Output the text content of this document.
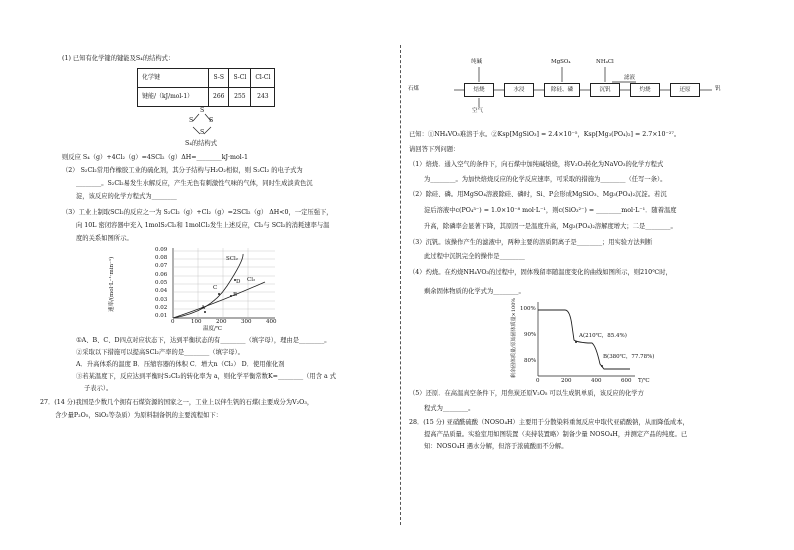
(1) 已知有化学键的键能及S₄的结构式：
化学键	S-S	S-Cl	Cl-Cl
键能/（kJ/mol-1）	266	255	243
S
S S
S
S₄的结构式
则反应 S₄（g）+4Cl₂（g）=4SCl₂（g）ΔH=________kJ·mol-1
（2） S₂Cl₂常用作橡胶工业的硫化剂，其分子结构与H₂O₂相似，则 S₂Cl₂ 的电子式为
________。S₂Cl₂易发生水解反应，产生无色有刺激性气味的气体，同时生成淡黄色沉
淀，该反应的化学方程式为________
（3）工业上制取SCl₂的反应之一为 S₂Cl₂（g）+Cl₂（g）=2SCl₂（g） ΔH<0，一定压强下，
向 10L 密闭容器中充入 1molS₂Cl₂和 1molCl₂发生上述反应，Cl₂与 SCl₂的消耗速率与温
度的关系如图所示。
速率/(mol·L⁻¹·min⁻¹)
0.09
0.08
0.07
0.06
0.05
0.04
0.03
0.02
0.01
0	100	200	300	400
温度/℃
SCl₂
Cl₂
A
B
C
D
①A、B、C、D四点对应状态下，达到平衡状态的有________（填字母），理由是________。
②采取以下措施可以提高SCl₂产率的是________（填字母）。
A．升高体系的温度 B．压缩容器的体积 C．增大n（Cl₂） D．使用催化剂
③若某温度下，反应达到平衡时S₂Cl₂的转化率为 a，则化学平衡常数K=________（用含 a 式
子表示）。
27．(14 分)我国是少数几个拥有石煤资源的国家之一，工业上以伴生钒的石煤(主要成分为V₂O₃，
含少量P₂O₅，SiO₂等杂质）为原料制备钒的主要流程如下：
纯碱	MgSO₄	NH₄Cl
石煤
空气
焙烧	水浸	除硅、磷	沉钒	灼烧	还原
滤液
钒
已知：①NH₄VO₃难溶于水。②Ksp[MgSiO₃] = 2.4×10⁻⁵，Ksp[Mg₃(PO₄)₂] = 2.7×10⁻²⁷。
请回答下列问题：
（1）焙烧．通入空气的条件下，向石煤中加纯碱焙烧，将V₂O₃转化为NaVO₃的化学方程式
为________。为加快焙烧反应的化学反应速率，可采取的措施为________（任写一条）。
（2）除硅、磷。用MgSO₄溶液除硅、磷时，Si、P会形成MgSiO₃、Mg₃(PO₄)₂沉淀。若沉
淀后溶液中c(PO₄³⁻) = 1.0×10⁻⁸ mol·L⁻¹，则c(SiO₃²⁻) = ________mol·L⁻¹．随着温度
升高，除磷率会显著下降，其原因一是温度升高，Mg₃(PO₄)₂溶解度增大；二是________。
（3）沉钒。该操作产生的滤液中，两种主要的溶质阴离子是________；用实验方法判断
此过程中沉钒完全的操作是________
（4）灼烧。在灼烧NH₄VO₃的过程中，固体残留率随温度变化的曲线如图所示，则210℃时，
剩余固体物质的化学式为________。
剩余固体质量/原始固体质量×100% 100%
90%
80%
0	200	400	600 T/℃
A(210℃，85.4%)
B(380℃，77.78%)
（5）还原．在高温真空条件下，用焦炭还原V₂O₅ 可以生成钒单质，该反应的化学方
程式为________。
28．(15 分) 亚硝酰硫酸（NOSO₄H）主要用于分散染料重氮反应中取代亚硝酸钠，从而降低成本，
提高产品质量。实验室用如图装置（夹持装置略）制备少量 NOSO₄H，并测定产品的纯度。已
知：NOSO₄H 遇水分解，但溶于浓硫酸而不分解。
